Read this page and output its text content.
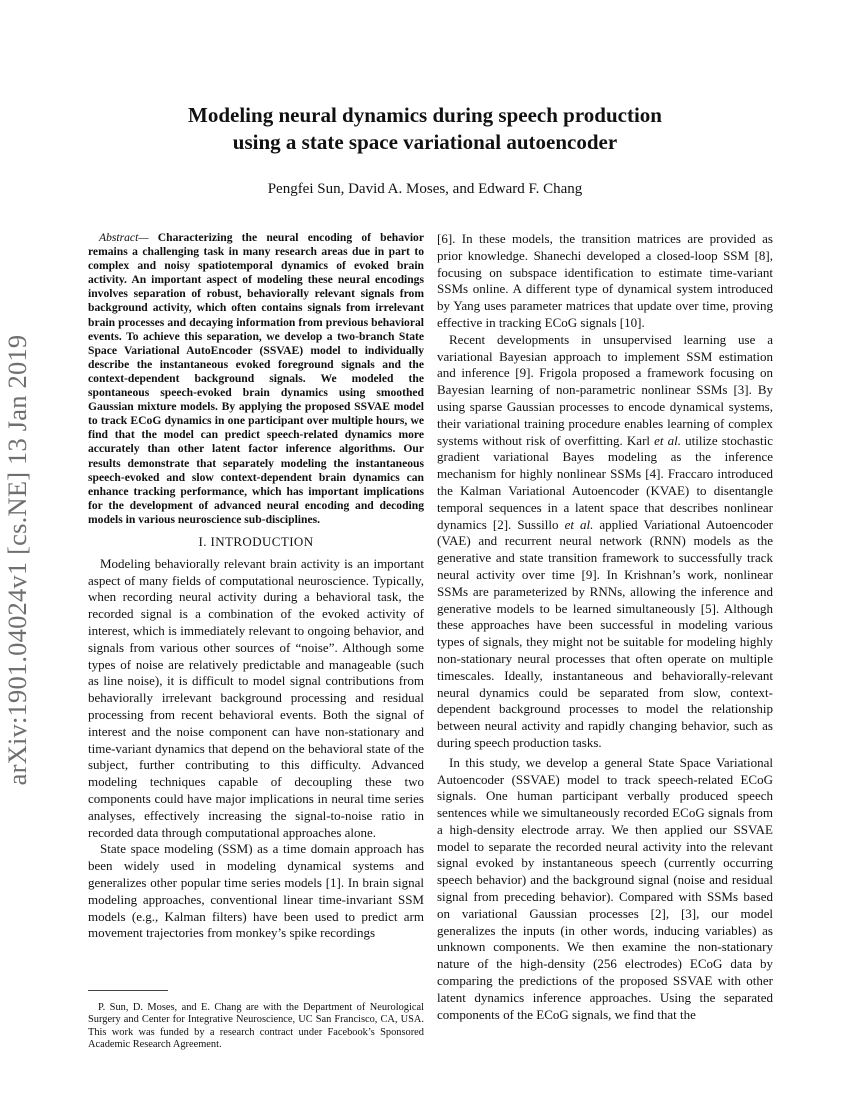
arXiv:1901.04024v1 [cs.NE] 13 Jan 2019
Modeling neural dynamics during speech production
using a state space variational autoencoder
Pengfei Sun, David A. Moses, and Edward F. Chang

Abstract— Characterizing the neural encoding of behavior remains a challenging task in many research areas due in part to complex and noisy spatiotemporal dynamics of evoked brain activity. An important aspect of modeling these neural encodings involves separation of robust, behaviorally relevant signals from background activity, which often contains signals from irrelevant brain processes and decaying information from previous behavioral events. To achieve this separation, we develop a two-branch State Space Variational AutoEncoder (SSVAE) model to individually describe the instantaneous evoked foreground signals and the context-dependent background signals. We modeled the spontaneous speech-evoked brain dynamics using smoothed Gaussian mixture models. By applying the proposed SSVAE model to track ECoG dynamics in one participant over multiple hours, we find that the model can predict speech-related dynamics more accurately than other latent factor inference algorithms. Our results demonstrate that separately modeling the instantaneous speech-evoked and slow context-dependent brain dynamics can enhance tracking performance, which has important implications for the development of advanced neural encoding and decoding models in various neuroscience sub-disciplines.

I. INTRODUCTION

Modeling behaviorally relevant brain activity is an important aspect of many fields of computational neuroscience. Typically, when recording neural activity during a behavioral task, the recorded signal is a combination of the evoked activity of interest, which is immediately relevant to ongoing behavior, and signals from various other sources of “noise”. Although some types of noise are relatively predictable and manageable (such as line noise), it is difficult to model signal contributions from behaviorally irrelevant background processing and residual processing from recent behavioral events. Both the signal of interest and the noise component can have non-stationary and time-variant dynamics that depend on the behavioral state of the subject, further contributing to this difficulty. Advanced modeling techniques capable of decoupling these two components could have major implications in neural time series analyses, effectively increasing the signal-to-noise ratio in recorded data through computational approaches alone.

State space modeling (SSM) as a time domain approach has been widely used in modeling dynamical systems and generalizes other popular time series models [1]. In brain signal modeling approaches, conventional linear time-invariant SSM models (e.g., Kalman filters) have been used to predict arm movement trajectories from monkey’s spike recordings

P. Sun, D. Moses, and E. Chang are with the Department of Neurological Surgery and Center for Integrative Neuroscience, UC San Francisco, CA, USA. This work was funded by a research contract under Facebook’s Sponsored Academic Research Agreement.

[6]. In these models, the transition matrices are provided as prior knowledge. Shanechi developed a closed-loop SSM [8], focusing on subspace identification to estimate time-variant SSMs online. A different type of dynamical system introduced by Yang uses parameter matrices that update over time, proving effective in tracking ECoG signals [10].

Recent developments in unsupervised learning use a variational Bayesian approach to implement SSM estimation and inference [9]. Frigola proposed a framework focusing on Bayesian learning of non-parametric nonlinear SSMs [3]. By using sparse Gaussian processes to encode dynamical systems, their variational training procedure enables learning of complex systems without risk of overfitting. Karl et al. utilize stochastic gradient variational Bayes modeling as the inference mechanism for highly nonlinear SSMs [4]. Fraccaro introduced the Kalman Variational Autoencoder (KVAE) to disentangle temporal sequences in a latent space that describes nonlinear dynamics [2]. Sussillo et al. applied Variational Autoencoder (VAE) and recurrent neural network (RNN) models as the generative and state transition framework to successfully track neural activity over time [9]. In Krishnan’s work, nonlinear SSMs are parameterized by RNNs, allowing the inference and generative models to be learned simultaneously [5]. Although these approaches have been successful in modeling various types of signals, they might not be suitable for modeling highly non-stationary neural processes that often operate on multiple timescales. Ideally, instantaneous and behaviorally-relevant neural dynamics could be separated from slow, context-dependent background processes to model the relationship between neural activity and rapidly changing behavior, such as during speech production tasks.

In this study, we develop a general State Space Variational Autoencoder (SSVAE) model to track speech-related ECoG signals. One human participant verbally produced speech sentences while we simultaneously recorded ECoG signals from a high-density electrode array. We then applied our SSVAE model to separate the recorded neural activity into the relevant signal evoked by instantaneous speech (currently occurring speech behavior) and the background signal (noise and residual signal from preceding behavior). Compared with SSMs based on variational Gaussian processes [2], [3], our model generalizes the inputs (in other words, inducing variables) as unknown components. We then examine the non-stationary nature of the high-density (256 electrodes) ECoG data by comparing the predictions of the proposed SSVAE with other latent dynamics inference approaches. Using the separated components of the ECoG signals, we find that the
